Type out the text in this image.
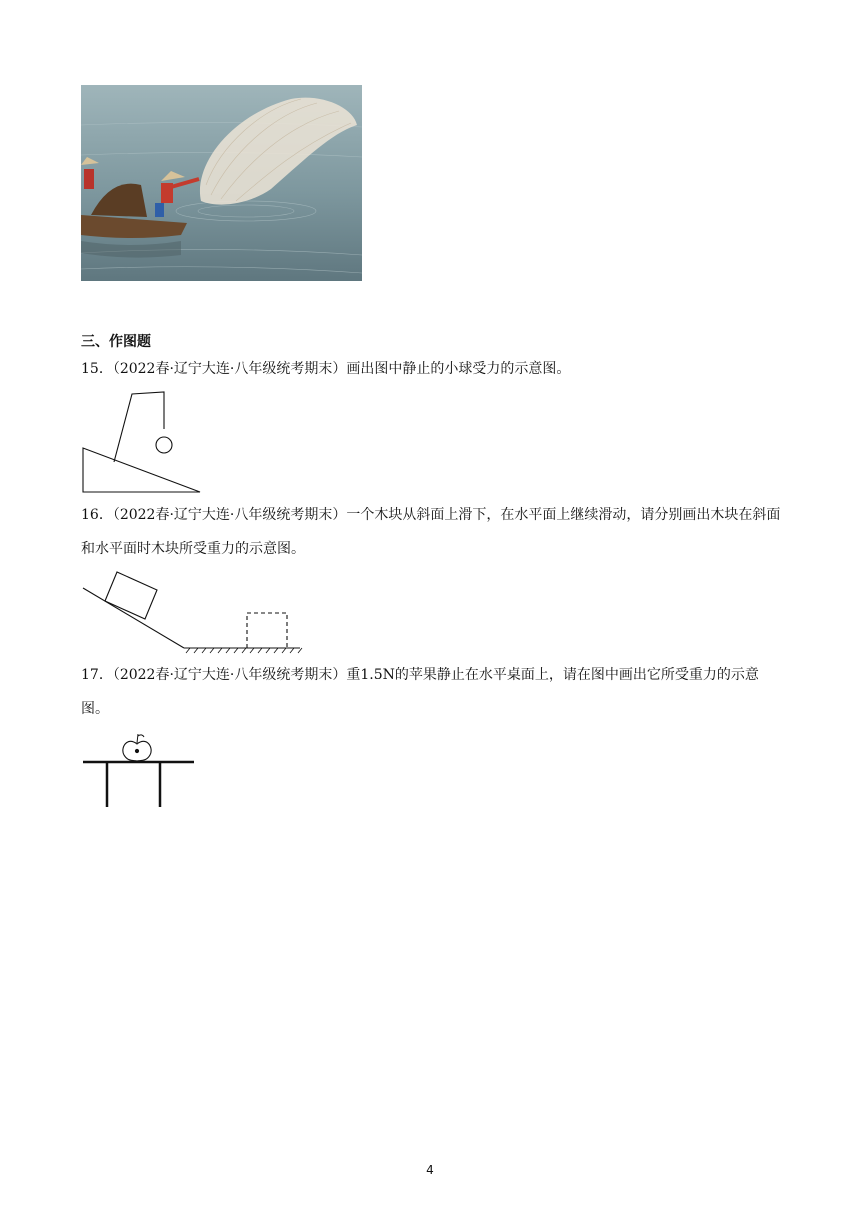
三、作图题

15．（2022春·辽宁大连·八年级统考期末）画出图中静止的小球受力的示意图。

16．（2022春·辽宁大连·八年级统考期末）一个木块从斜面上滑下，在水平面上继续滑动，请分别画出木块在斜面和水平面时木块所受重力的示意图。

17．（2022春·辽宁大连·八年级统考期末）重1.5N的苹果静止在水平桌面上，请在图中画出它所受重力的示意图。

4
